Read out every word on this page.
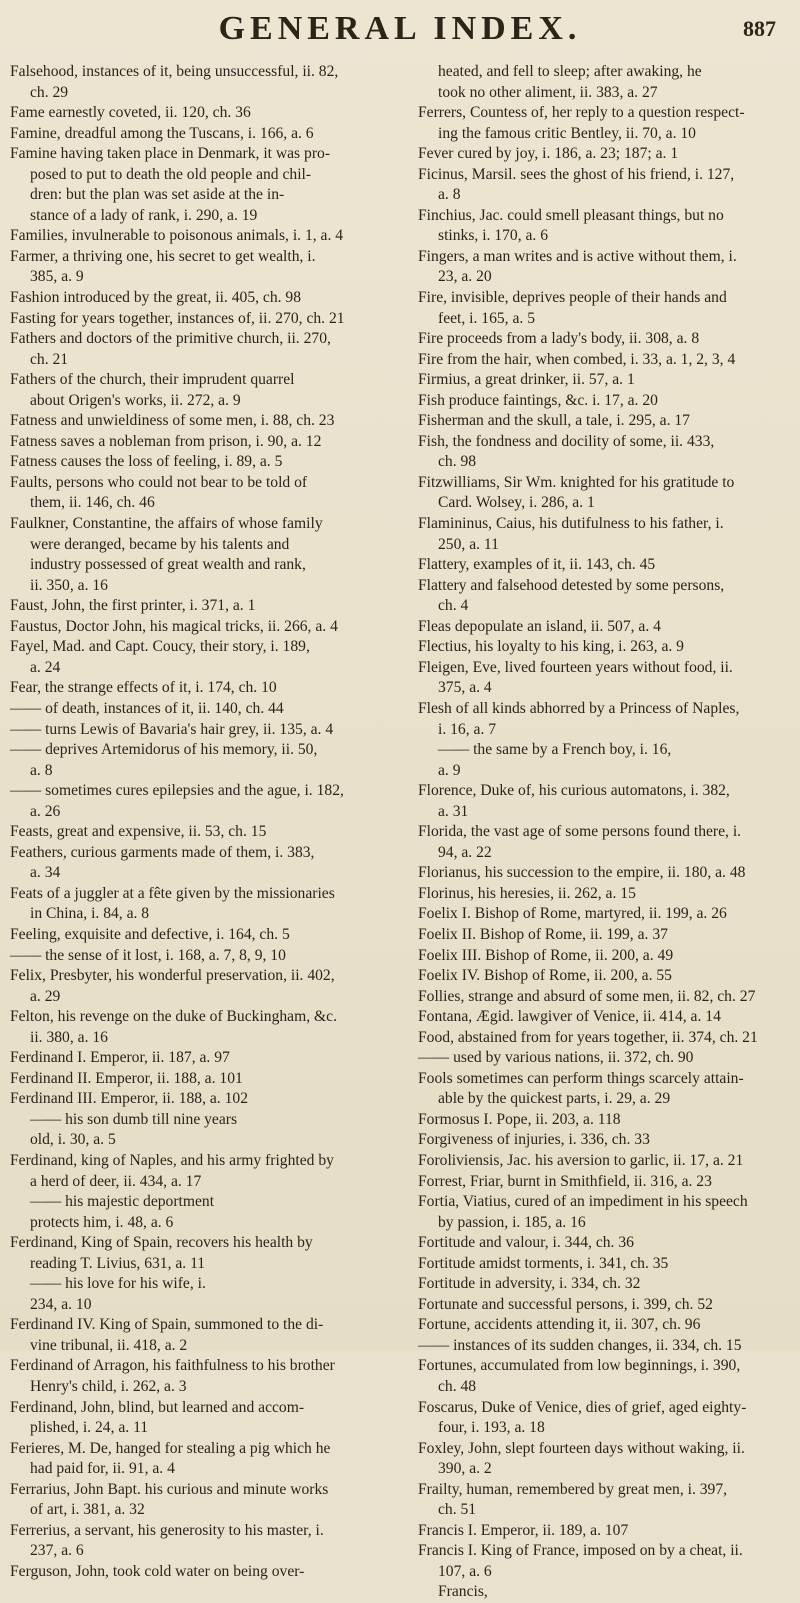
GENERAL INDEX.	887
Falsehood, instances of it, being unsuccessful, ii. 82,
ch. 29
Fame earnestly coveted, ii. 120, ch. 36
Famine, dreadful among the Tuscans, i. 166, a. 6
Famine having taken place in Denmark, it was pro-
posed to put to death the old people and chil-
dren: but the plan was set aside at the in-
stance of a lady of rank, i. 290, a. 19
Families, invulnerable to poisonous animals, i. 1, a. 4
Farmer, a thriving one, his secret to get wealth, i.
385, a. 9
Fashion introduced by the great, ii. 405, ch. 98
Fasting for years together, instances of, ii. 270, ch. 21
Fathers and doctors of the primitive church, ii. 270,
ch. 21
Fathers of the church, their imprudent quarrel
about Origen's works, ii. 272, a. 9
Fatness and unwieldiness of some men, i. 88, ch. 23
Fatness saves a nobleman from prison, i. 90, a. 12
Fatness causes the loss of feeling, i. 89, a. 5
Faults, persons who could not bear to be told of
them, ii. 146, ch. 46
Faulkner, Constantine, the affairs of whose family
were deranged, became by his talents and
industry possessed of great wealth and rank,
ii. 350, a. 16
Faust, John, the first printer, i. 371, a. 1
Faustus, Doctor John, his magical tricks, ii. 266, a. 4
Fayel, Mad. and Capt. Coucy, their story, i. 189,
a. 24
Fear, the strange effects of it, i. 174, ch. 10
—— of death, instances of it, ii. 140, ch. 44
—— turns Lewis of Bavaria's hair grey, ii. 135, a. 4
—— deprives Artemidorus of his memory, ii. 50,
a. 8
—— sometimes cures epilepsies and the ague, i. 182,
a. 26
Feasts, great and expensive, ii. 53, ch. 15
Feathers, curious garments made of them, i. 383,
a. 34
Feats of a juggler at a fête given by the missionaries
in China, i. 84, a. 8
Feeling, exquisite and defective, i. 164, ch. 5
—— the sense of it lost, i. 168, a. 7, 8, 9, 10
Felix, Presbyter, his wonderful preservation, ii. 402,
a. 29
Felton, his revenge on the duke of Buckingham, &c.
ii. 380, a. 16
Ferdinand I. Emperor, ii. 187, a. 97
Ferdinand II. Emperor, ii. 188, a. 101
Ferdinand III. Emperor, ii. 188, a. 102
—— his son dumb till nine years
old, i. 30, a. 5
Ferdinand, king of Naples, and his army frighted by
a herd of deer, ii. 434, a. 17
—— his majestic deportment
protects him, i. 48, a. 6
Ferdinand, King of Spain, recovers his health by
reading T. Livius, 631, a. 11
—— his love for his wife, i.
234, a. 10
Ferdinand IV. King of Spain, summoned to the di-
vine tribunal, ii. 418, a. 2
Ferdinand of Arragon, his faithfulness to his brother
Henry's child, i. 262, a. 3
Ferdinand, John, blind, but learned and accom-
plished, i. 24, a. 11
Ferieres, M. De, hanged for stealing a pig which he
had paid for, ii. 91, a. 4
Ferrarius, John Bapt. his curious and minute works
of art, i. 381, a. 32
Ferrerius, a servant, his generosity to his master, i.
237, a. 6
Ferguson, John, took cold water on being over-
heated, and fell to sleep; after awaking, he
took no other aliment, ii. 383, a. 27
Ferrers, Countess of, her reply to a question respect-
ing the famous critic Bentley, ii. 70, a. 10
Fever cured by joy, i. 186, a. 23; 187; a. 1
Ficinus, Marsil. sees the ghost of his friend, i. 127,
a. 8
Finchius, Jac. could smell pleasant things, but no
stinks, i. 170, a. 6
Fingers, a man writes and is active without them, i.
23, a. 20
Fire, invisible, deprives people of their hands and
feet, i. 165, a. 5
Fire proceeds from a lady's body, ii. 308, a. 8
Fire from the hair, when combed, i. 33, a. 1, 2, 3, 4
Firmius, a great drinker, ii. 57, a. 1
Fish produce faintings, &c. i. 17, a. 20
Fisherman and the skull, a tale, i. 295, a. 17
Fish, the fondness and docility of some, ii. 433,
ch. 98
Fitzwilliams, Sir Wm. knighted for his gratitude to
Card. Wolsey, i. 286, a. 1
Flamininus, Caius, his dutifulness to his father, i.
250, a. 11
Flattery, examples of it, ii. 143, ch. 45
Flattery and falsehood detested by some persons,
ch. 4
Fleas depopulate an island, ii. 507, a. 4
Flectius, his loyalty to his king, i. 263, a. 9
Fleigen, Eve, lived fourteen years without food, ii.
375, a. 4
Flesh of all kinds abhorred by a Princess of Naples,
i. 16, a. 7
—— the same by a French boy, i. 16,
a. 9
Florence, Duke of, his curious automatons, i. 382,
a. 31
Florida, the vast age of some persons found there, i.
94, a. 22
Florianus, his succession to the empire, ii. 180, a. 48
Florinus, his heresies, ii. 262, a. 15
Foelix I. Bishop of Rome, martyred, ii. 199, a. 26
Foelix II. Bishop of Rome, ii. 199, a. 37
Foelix III. Bishop of Rome, ii. 200, a. 49
Foelix IV. Bishop of Rome, ii. 200, a. 55
Follies, strange and absurd of some men, ii. 82, ch. 27
Fontana, Ægid. lawgiver of Venice, ii. 414, a. 14
Food, abstained from for years together, ii. 374, ch. 21
—— used by various nations, ii. 372, ch. 90
Fools sometimes can perform things scarcely attain-
able by the quickest parts, i. 29, a. 29
Formosus I. Pope, ii. 203, a. 118
Forgiveness of injuries, i. 336, ch. 33
Foroliviensis, Jac. his aversion to garlic, ii. 17, a. 21
Forrest, Friar, burnt in Smithfield, ii. 316, a. 23
Fortia, Viatius, cured of an impediment in his speech
by passion, i. 185, a. 16
Fortitude and valour, i. 344, ch. 36
Fortitude amidst torments, i. 341, ch. 35
Fortitude in adversity, i. 334, ch. 32
Fortunate and successful persons, i. 399, ch. 52
Fortune, accidents attending it, ii. 307, ch. 96
—— instances of its sudden changes, ii. 334, ch. 15
Fortunes, accumulated from low beginnings, i. 390,
ch. 48
Foscarus, Duke of Venice, dies of grief, aged eighty-
four, i. 193, a. 18
Foxley, John, slept fourteen days without waking, ii.
390, a. 2
Frailty, human, remembered by great men, i. 397,
ch. 51
Francis I. Emperor, ii. 189, a. 107
Francis I. King of France, imposed on by a cheat, ii.
107, a. 6
Francis,
